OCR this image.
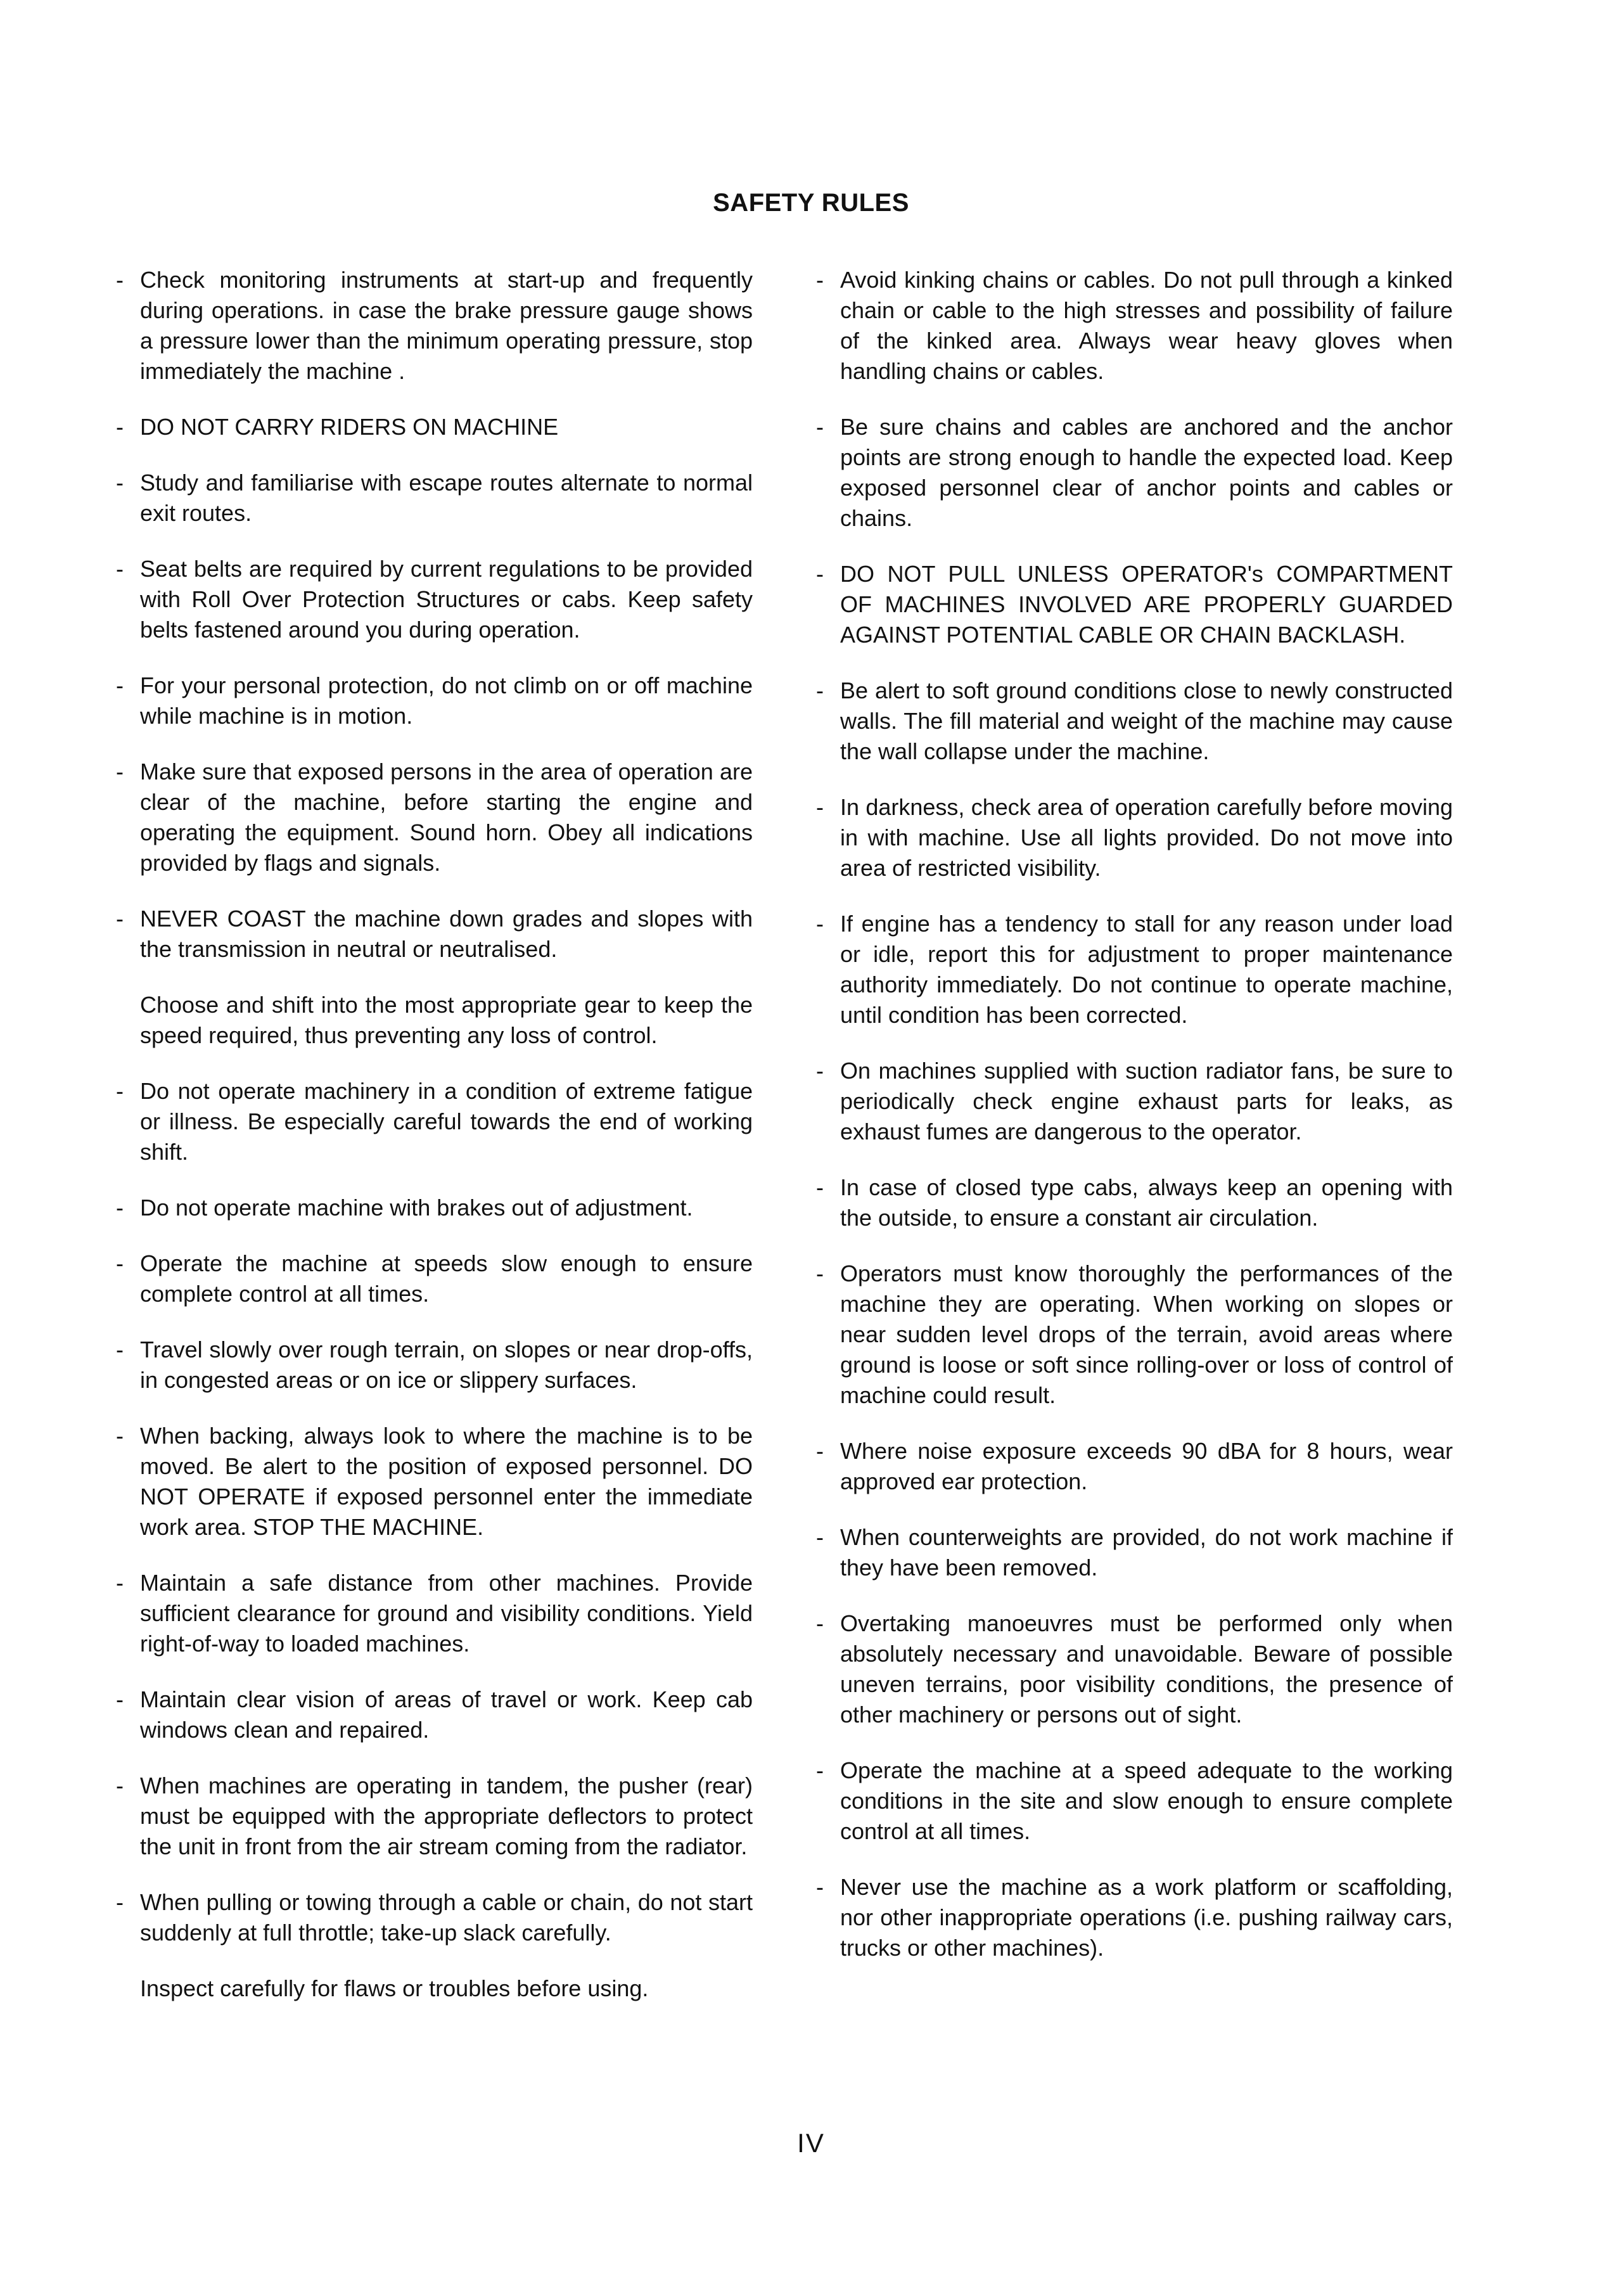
SAFETY RULES
- Check monitoring instruments at start-up and frequently during operations. in case the brake pressure gauge shows a pressure lower than the minimum operating pressure, stop immediately the machine .
- DO NOT CARRY RIDERS ON MACHINE
- Study and familiarise with escape routes alternate to normal exit routes.
- Seat belts are required by current regulations to be provided with Roll Over Protection Structures or cabs. Keep safety belts fastened around you during operation.
- For your personal protection, do not climb on or off machine while machine is in motion.
- Make sure that exposed persons in the area of operation are clear of the machine, before starting the engine and operating the equipment. Sound horn. Obey all indications provided by flags and signals.
- NEVER COAST the machine down grades and slopes with the transmission in neutral or neutralised.
Choose and shift into the most appropriate gear to keep the speed required, thus preventing any loss of control.
- Do not operate machinery in a condition of extreme fatigue or illness. Be especially careful towards the end of working shift.
- Do not operate machine with brakes out of adjustment.
- Operate the machine at speeds slow enough to ensure complete control at all times.
- Travel slowly over rough terrain, on slopes or near drop-offs, in congested areas or on ice or slippery surfaces.
- When backing, always look to where the machine is to be moved. Be alert to the position of exposed personnel. DO NOT OPERATE if exposed personnel enter the immediate work area. STOP THE MACHINE.
- Maintain a safe distance from other machines. Provide sufficient clearance for ground and visibility conditions. Yield right-of-way to loaded machines.
- Maintain clear vision of areas of travel or work. Keep cab windows clean and repaired.
- When machines are operating in tandem, the pusher (rear) must be equipped with the appropriate deflectors to protect the unit in front from the air stream coming from the radiator.
- When pulling or towing through a cable or chain, do not start suddenly at full throttle; take-up slack carefully.
Inspect carefully for flaws or troubles before using.
- Avoid kinking chains or cables. Do not pull through a kinked chain or cable to the high stresses and possibility of failure of the kinked area. Always wear heavy gloves when handling chains or cables.
- Be sure chains and cables are anchored and the anchor points are strong enough to handle the expected load. Keep exposed personnel clear of anchor points and cables or chains.
- DO NOT PULL UNLESS OPERATOR's COMPARTMENT OF MACHINES INVOLVED ARE PROPERLY GUARDED AGAINST POTENTIAL CABLE OR CHAIN BACKLASH.
- Be alert to soft ground conditions close to newly constructed walls. The fill material and weight of the machine may cause the wall collapse under the machine.
- In darkness, check area of operation carefully before moving in with machine. Use all lights provided. Do not move into area of restricted visibility.
- If engine has a tendency to stall for any reason under load or idle, report this for adjustment to proper maintenance authority immediately. Do not continue to operate machine, until condition has been corrected.
- On machines supplied with suction radiator fans, be sure to periodically check engine exhaust parts for leaks, as exhaust fumes are dangerous to the operator.
- In case of closed type cabs, always keep an opening with the outside, to ensure a constant air circulation.
- Operators must know thoroughly the performances of the machine they are operating. When working on slopes or near sudden level drops of the terrain, avoid areas where ground is loose or soft since rolling-over or loss of control of machine could result.
- Where noise exposure exceeds 90 dBA for 8 hours, wear approved ear protection.
- When counterweights are provided, do not work machine if they have been removed.
- Overtaking manoeuvres must be performed only when absolutely necessary and unavoidable. Beware of possible uneven terrains, poor visibility conditions, the presence of other machinery or persons out of sight.
- Operate the machine at a speed adequate to the working conditions in the site and slow enough to ensure complete control at all times.
- Never use the machine as a work platform or scaffolding, nor other inappropriate operations (i.e. pushing railway cars, trucks or other machines).
IV
